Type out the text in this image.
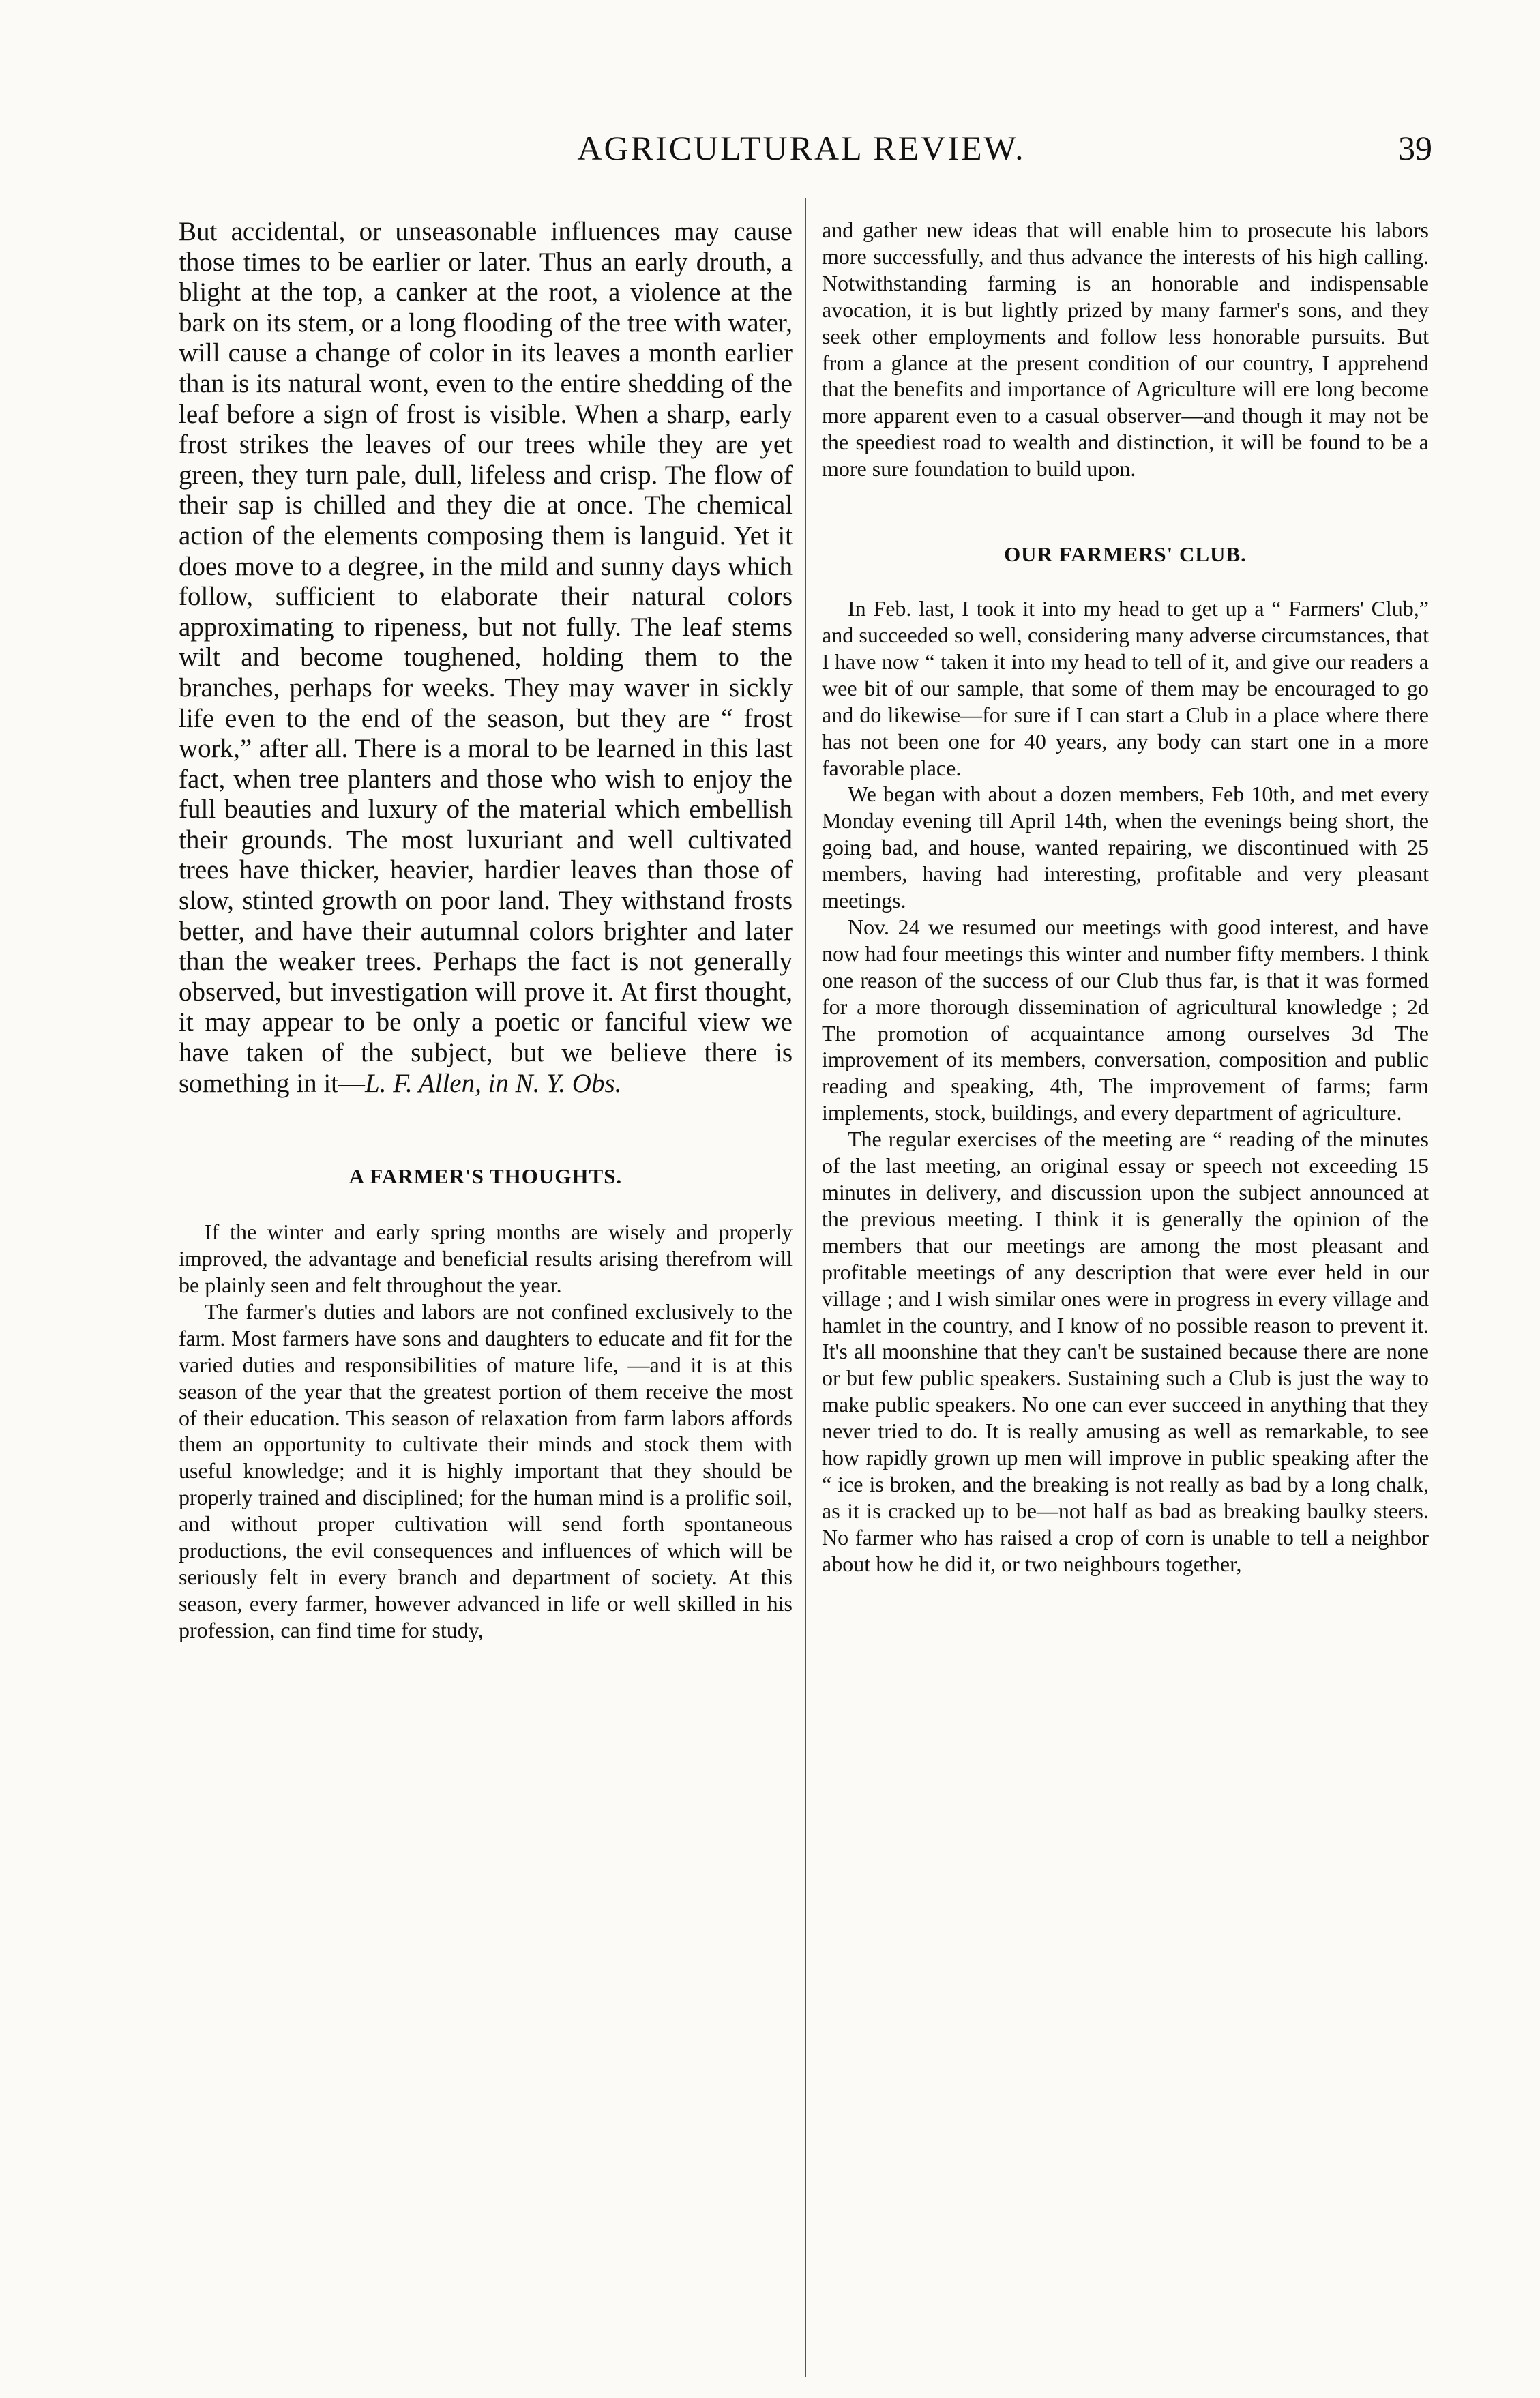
AGRICULTURAL REVIEW.	39

But accidental, or unseasonable influences may cause those times to be earlier or later. Thus an early drouth, a blight at the top, a canker at the root, a violence at the bark on its stem, or a long flooding of the tree with water, will cause a change of color in its leaves a month earlier than is its natural wont, even to the entire shedding of the leaf before a sign of frost is visible. When a sharp, early frost strikes the leaves of our trees while they are yet green, they turn pale, dull, lifeless and crisp. The flow of their sap is chilled and they die at once. The chemical action of the elements composing them is languid. Yet it does move to a degree, in the mild and sunny days which follow, sufficient to elaborate their natural colors approximating to ripeness, but not fully. The leaf stems wilt and become toughened, holding them to the branches, perhaps for weeks. They may waver in sickly life even to the end of the season, but they are “ frost work,” after all. There is a moral to be learned in this last fact, when tree planters and those who wish to enjoy the full beauties and luxury of the material which embellish their grounds. The most luxuriant and well cultivated trees have thicker, heavier, hardier leaves than those of slow, stinted growth on poor land. They withstand frosts better, and have their autumnal colors brighter and later than the weaker trees. Perhaps the fact is not generally observed, but investigation will prove it. At first thought, it may appear to be only a poetic or fanciful view we have taken of the subject, but we believe there is something in it—L. F. Allen, in N. Y. Obs.

A FARMER'S THOUGHTS.

If the winter and early spring months are wisely and properly improved, the advantage and beneficial results arising therefrom will be plainly seen and felt throughout the year.

The farmer's duties and labors are not confined exclusively to the farm. Most farmers have sons and daughters to educate and fit for the varied duties and responsibilities of mature life, —and it is at this season of the year that the greatest portion of them receive the most of their education. This season of relaxation from farm labors affords them an opportunity to cultivate their minds and stock them with useful knowledge; and it is highly important that they should be properly trained and disciplined; for the human mind is a prolific soil, and without proper cultivation will send forth spontaneous productions, the evil consequences and influences of which will be seriously felt in every branch and department of society. At this season, every farmer, however advanced in life or well skilled in his profession, can find time for study,

and gather new ideas that will enable him to prosecute his labors more successfully, and thus advance the interests of his high calling. Notwithstanding farming is an honorable and indispensable avocation, it is but lightly prized by many farmer's sons, and they seek other employments and follow less honorable pursuits. But from a glance at the present condition of our country, I apprehend that the benefits and importance of Agriculture will ere long become more apparent even to a casual observer—and though it may not be the speediest road to wealth and distinction, it will be found to be a more sure foundation to build upon.

OUR FARMERS' CLUB.

In Feb. last, I took it into my head to get up a “ Farmers' Club,” and succeeded so well, considering many adverse circumstances, that I have now “ taken it into my head to tell of it, and give our readers a wee bit of our sample, that some of them may be encouraged to go and do likewise—for sure if I can start a Club in a place where there has not been one for 40 years, any body can start one in a more favorable place.

We began with about a dozen members, Feb 10th, and met every Monday evening till April 14th, when the evenings being short, the going bad, and house, wanted repairing, we discontinued with 25 members, having had interesting, profitable and very pleasant meetings.

Nov. 24 we resumed our meetings with good interest, and have now had four meetings this winter and number fifty members. I think one reason of the success of our Club thus far, is that it was formed for a more thorough dissemination of agricultural knowledge ; 2d The promotion of acquaintance among ourselves 3d The improvement of its members, conversation, composition and public reading and speaking, 4th, The improvement of farms; farm implements, stock, buildings, and every department of agriculture.

The regular exercises of the meeting are “ reading of the minutes of the last meeting, an original essay or speech not exceeding 15 minutes in delivery, and discussion upon the subject announced at the previous meeting. I think it is generally the opinion of the members that our meetings are among the most pleasant and profitable meetings of any description that were ever held in our village ; and I wish similar ones were in progress in every village and hamlet in the country, and I know of no possible reason to prevent it. It's all moonshine that they can't be sustained because there are none or but few public speakers. Sustaining such a Club is just the way to make public speakers. No one can ever succeed in anything that they never tried to do. It is really amusing as well as remarkable, to see how rapidly grown up men will improve in public speaking after the “ ice is broken, and the breaking is not really as bad by a long chalk, as it is cracked up to be—not half as bad as breaking baulky steers. No farmer who has raised a crop of corn is unable to tell a neighbor about how he did it, or two neighbours together,
